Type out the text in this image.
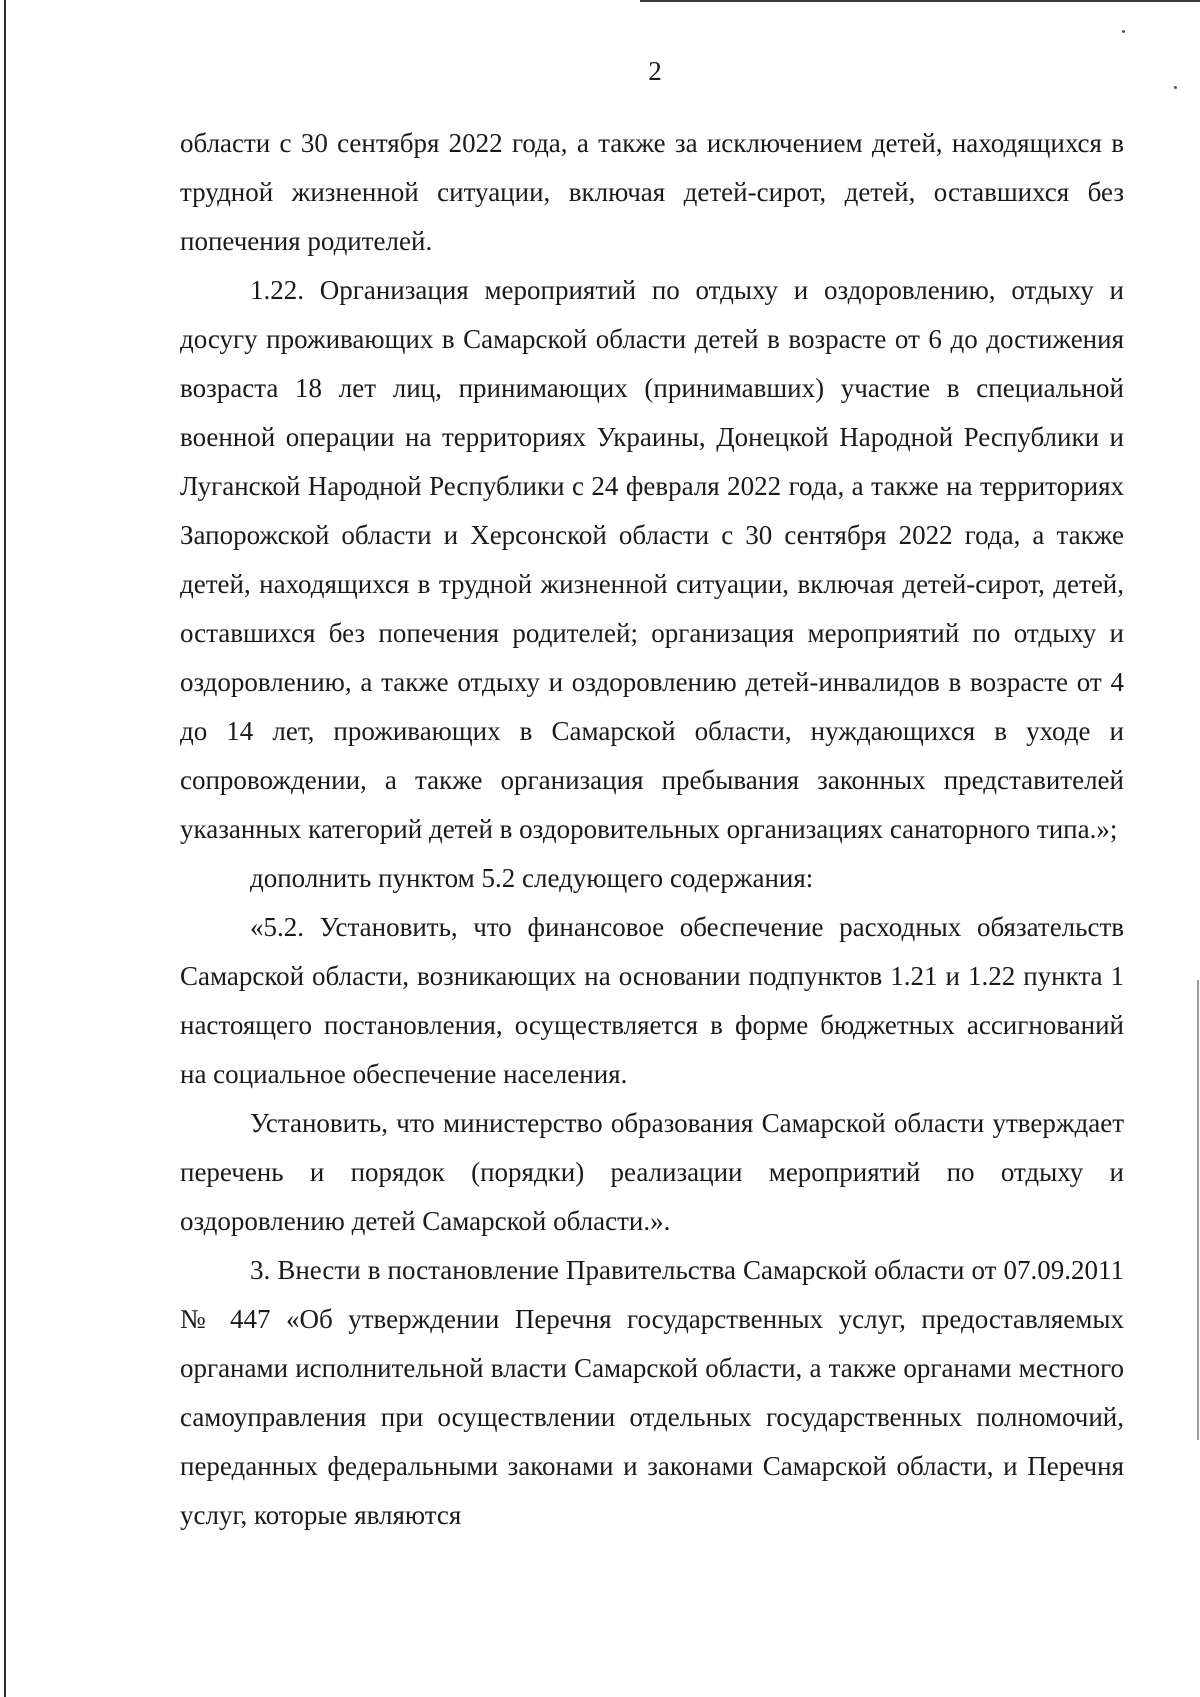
2

области с 30 сентября 2022 года, а также за исключением детей, находящихся в трудной жизненной ситуации, включая детей-сирот, детей, оставшихся без попечения родителей.

1.22. Организация мероприятий по отдыху и оздоровлению, отдыху и досугу проживающих в Самарской области детей в возрасте от 6 до достижения возраста 18 лет лиц, принимающих (принимавших) участие в специальной военной операции на территориях Украины, Донецкой Народной Республики и Луганской Народной Республики с 24 февраля 2022 года, а также на территориях Запорожской области и Херсонской области с 30 сентября 2022 года, а также детей, находящихся в трудной жизненной ситуации, включая детей-сирот, детей, оставшихся без попечения родителей; организация мероприятий по отдыху и оздоровлению, а также отдыху и оздоровлению детей-инвалидов в возрасте от 4 до 14 лет, проживающих в Самарской области, нуждающихся в уходе и сопровождении, а также организация пребывания законных представителей указанных категорий детей в оздоровительных организациях санаторного типа.»;

дополнить пунктом 5.2 следующего содержания:

«5.2. Установить, что финансовое обеспечение расходных обязательств Самарской области, возникающих на основании подпунктов 1.21 и 1.22 пункта 1 настоящего постановления, осуществляется в форме бюджетных ассигнований на социальное обеспечение населения.

Установить, что министерство образования Самарской области утверждает перечень и порядок (порядки) реализации мероприятий по отдыху и оздоровлению детей Самарской области.».

3. Внести в постановление Правительства Самарской области от 07.09.2011 № 447 «Об утверждении Перечня государственных услуг, предоставляемых органами исполнительной власти Самарской области, а также органами местного самоуправления при осуществлении отдельных государственных полномочий, переданных федеральными законами и законами Самарской области, и Перечня услуг, которые являются
